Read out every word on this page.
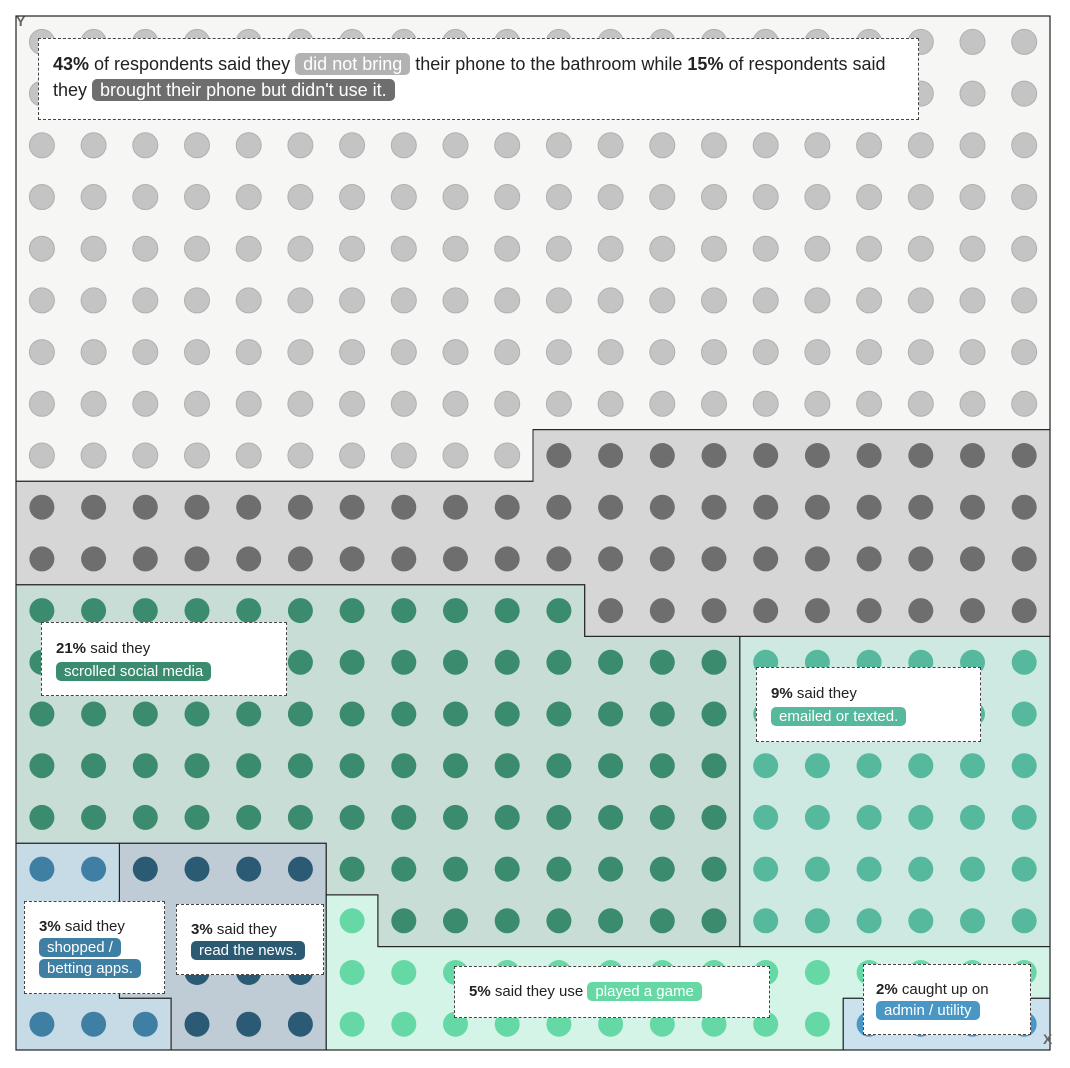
Y
X
43% of respondents said they did not bring their phone to the bathroom while 15% of respondents said they brought their phone but didn't use it.
21% said they
scrolled social media
9% said they
emailed or texted.
3% said they
shopped / betting apps.
3% said they
read the news.
5% said they use played a game	2% caught up on
admin / utility
